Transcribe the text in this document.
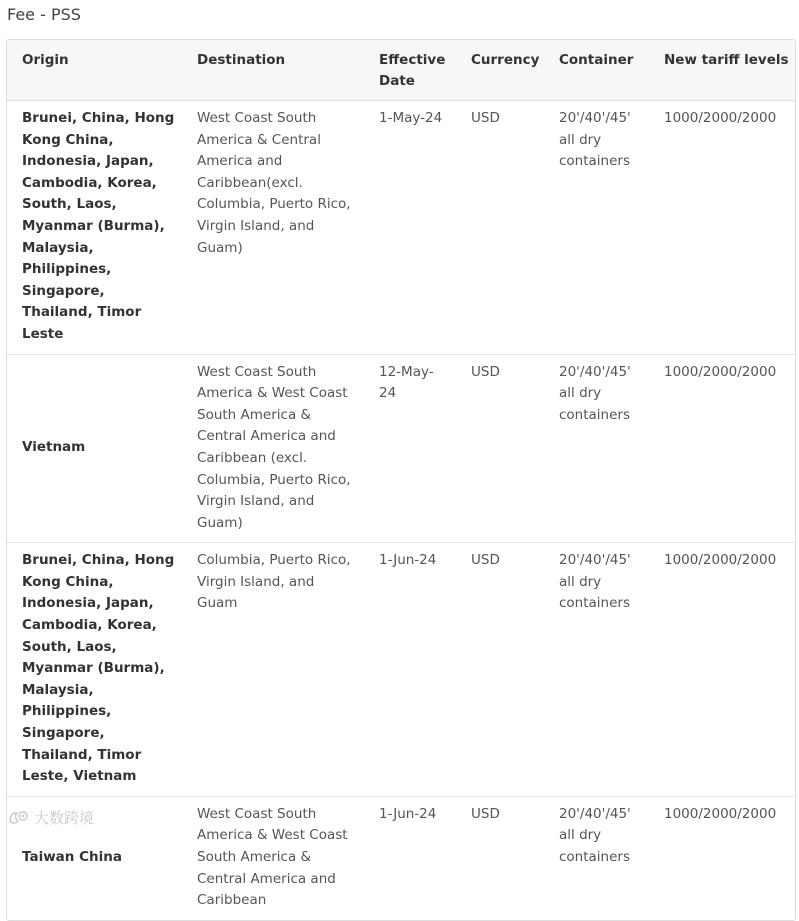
Fee - PSS
Origin	Destination	Effective Date	Currency	Container	New tariff levels
Brunei, China, Hong Kong China, Indonesia, Japan, Cambodia, Korea, South, Laos, Myanmar (Burma), Malaysia, Philippines, Singapore, Thailand, Timor Leste	West Coast South America & Central America and Caribbean(excl. Columbia, Puerto Rico, Virgin Island, and Guam)	1-May-24	USD	20'/40'/45' all dry containers	1000/2000/2000
Vietnam	West Coast South America & West Coast South America & Central America and Caribbean (excl. Columbia, Puerto Rico, Virgin Island, and Guam)	12-May-24	USD	20'/40'/45' all dry containers	1000/2000/2000
Brunei, China, Hong Kong China, Indonesia, Japan, Cambodia, Korea, South, Laos, Myanmar (Burma), Malaysia, Philippines, Singapore, Thailand, Timor Leste, Vietnam	Columbia, Puerto Rico, Virgin Island, and Guam	1-Jun-24	USD	20'/40'/45' all dry containers	1000/2000/2000
Taiwan China	West Coast South America & West Coast South America & Central America and Caribbean	1-Jun-24	USD	20'/40'/45' all dry containers	1000/2000/2000
大数跨境
